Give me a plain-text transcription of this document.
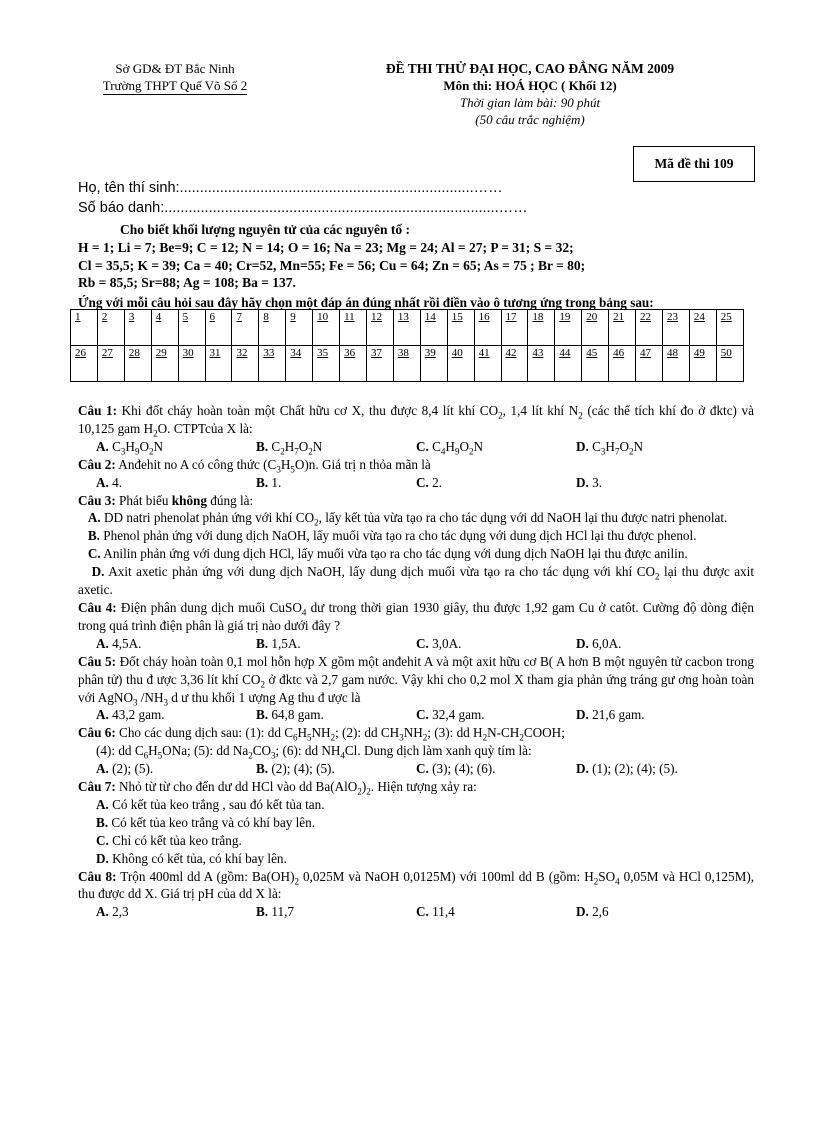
Sở GD& ĐT Bắc Ninh
Trường THPT Quế Võ Số 2
ĐỀ THI THỬ ĐẠI HỌC, CAO ĐẲNG NĂM 2009
Môn thi: HOÁ HỌC ( Khối 12)
Thời gian làm bài: 90 phút
(50 câu trắc nghiệm)
Mã đề thi 109
Họ, tên thí sinh:.........................................................................……
Số báo danh:...................................................................................……
Cho biết khối lượng nguyên tử của các nguyên tố :
H = 1; Li = 7; Be=9; C = 12; N = 14; O = 16; Na = 23; Mg = 24; Al = 27; P = 31; S = 32;
Cl = 35,5; K = 39; Ca = 40; Cr=52, Mn=55; Fe = 56; Cu = 64; Zn = 65; As = 75 ; Br = 80;
Rb = 85,5; Sr=88; Ag = 108; Ba = 137.
Ứng với mỗi câu hỏi sau đây hãy chọn một đáp án đúng nhất rồi điền vào ô tương ứng trong bảng sau:
1	2	3	4	5	6	7	8	9	10	11	12	13	14	15	16	17	18	19	20	21	22	23	24	25
26	27	28	29	30	31	32	33	34	35	36	37	38	39	40	41	42	43	44	45	46	47	48	49	50

Câu 1: Khi đốt cháy hoàn toàn một Chất hữu cơ X, thu được 8,4 lít khí $CO_2$, 1,4 lít khí $N_2$ (các thể tích khí đo ở đktc) và 10,125 gam $H_2O$. CTPTcủa X là:

A. $C_3H_9O_2N$	B. $C_2H_7O_2N$	C. $C_4H_9O_2N$	D. $C_3H_7O_2N$

Câu 2: Anđehit no A có công thức $(C_3H_5O)n$. Giá trị n thỏa mãn là

A. 4.	B. 1.	C. 2.	D. 3.

Câu 3: Phát biểu không đúng là:

A. DD natri phenolat phản ứng với khí $CO_2$, lấy kết tủa vừa tạo ra cho tác dụng với dd NaOH lại thu được natri phenolat.

B. Phenol phản ứng với dung dịch NaOH, lấy muối vừa tạo ra cho tác dụng với dung dịch HCl lại thu được phenol.

C. Anilin phản ứng với dung dịch HCl, lấy muối vừa tạo ra cho tác dụng với dung dịch NaOH lại thu được anilin.

D. Axit axetic phản ứng với dung dịch NaOH, lấy dung dịch muối vừa tạo ra cho tác dụng với khí $CO_2$ lại thu được axit axetic.

Câu 4: Điện phân dung dịch muối CuSO$_4$ dư trong thời gian 1930 giây, thu được 1,92 gam Cu ở catôt. Cường độ dòng điện trong quá trình điện phân là giá trị nào dưới đây ?

A. 4,5A.	B. 1,5A.	C. 3,0A.	D. 6,0A.

Câu 5: Đốt cháy hoàn toàn 0,1 mol hỗn hợp X gồm một anđehit A và một axit hữu cơ B( A hơn B một nguyên tử cacbon trong phân tử) thu đ ược 3,36 lít khí $CO_2$ ở đktc và 2,7 gam nước. Vậy khi cho 0,2 mol X tham gia phản ứng tráng gư ơng hoàn toàn với AgNO$_3$ $/NH_3$ d ư thu khối 1 ượng Ag thu đ ược là

A. 43,2 gam.	B. 64,8 gam.	C. 32,4 gam.	D. 21,6 gam.

Câu 6: Cho các dung dịch sau: (1): dd $C_6H_5NH_2$; (2): dd $CH_3NH_2$; (3): dd $H_2N-CH_2COOH$;

(4): dd $C_6H_5ONa$; (5): dd $Na_2CO_3$; (6): dd $NH_4Cl$. Dung dịch làm xanh quỳ tím là:

A. (2); (5).	B. (2); (4); (5).	C. (3); (4); (6).	D. (1); (2); (4); (5).

Câu 7: Nhỏ từ từ cho đến dư dd HCl vào dd $Ba(AlO_2)_2$. Hiện tượng xảy ra:

A. Có kết tủa keo trắng , sau đó kết tủa tan.

B. Có kết tủa keo trắng và có khí bay lên.

C. Chỉ có kết tủa keo trắng.

D. Không có kết tủa, có khí bay lên.

Câu 8: Trộn 400ml dd A (gồm: $Ba(OH)_2$ 0,025M và NaOH 0,0125M) với 100ml dd B (gồm: $H_2SO_4$ 0,05M và HCl 0,125M), thu được dd X. Giá trị pH của dd X là:

A. 2,3	B. 11,7	C. 11,4	D. 2,6
